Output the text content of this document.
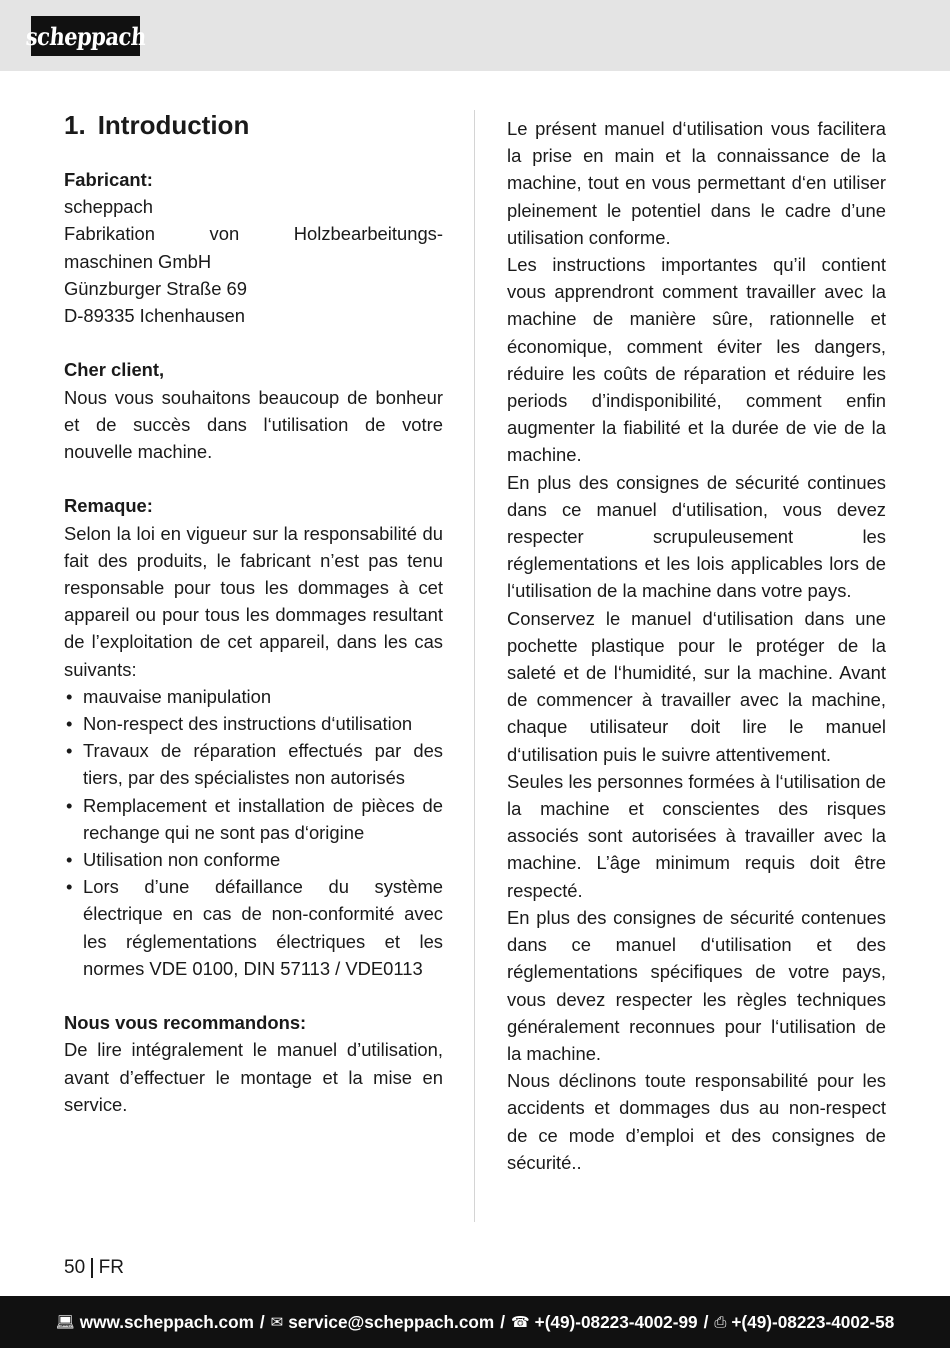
scheppach
1. Introduction
Fabricant:
scheppach
Fabrikation von Holzbearbeitungs-
maschinen GmbH
Günzburger Straße 69
D-89335 Ichenhausen
Cher client,

Nous vous souhaitons beaucoup de bonheur et de succès dans l‘utilisation de votre nouvelle machine.

Remaque:

Selon la loi en vigueur sur la responsabilité du fait des produits, le fabricant n’est pas tenu responsable pour tous les dommages à cet appareil ou pour tous les dommages resultant de l’exploitation de cet appareil, dans les cas suivants:

• mauvaise manipulation
• Non-respect des instructions d‘utilisation
• Travaux de réparation effectués par des tiers, par des spécialistes non autorisés
• Remplacement et installation de pièces de rechange qui ne sont pas d‘origine
• Utilisation non conforme
• Lors d’une défaillance du système électrique en cas de non-conformité avec les réglementations électriques et les normes VDE 0100, DIN 57113 / VDE0113
Nous vous recommandons:

De lire intégralement le manuel d’utilisation, avant d’effectuer le montage et la mise en service.

Le présent manuel d‘utilisation vous facilitera la prise en main et la connaissance de la machine, tout en vous permettant d‘en utiliser pleinement le potentiel dans le cadre d’une utilisation conforme.

Les instructions importantes qu’il contient vous apprendront comment travailler avec la machine de manière sûre, rationnelle et économique, comment éviter les dangers, réduire les coûts de réparation et réduire les periods d’indisponibilité, comment enfin augmenter la fiabilité et la durée de vie de la machine.

En plus des consignes de sécurité continues dans ce manuel d‘utilisation, vous devez respecter scrupuleusement les réglementations et les lois applicables lors de l‘utilisation de la machine dans votre pays.

Conservez le manuel d‘utilisation dans une pochette plastique pour le protéger de la saleté et de l‘humidité, sur la machine. Avant de commencer à travailler avec la machine, chaque utilisateur doit lire le manuel d‘utilisation puis le suivre attentivement.

Seules les personnes formées à l‘utilisation de la machine et conscientes des risques associés sont autorisées à travailler avec la machine. L’âge minimum requis doit être respecté.

En plus des consignes de sécurité contenues dans ce manuel d‘utilisation et des réglementations spécifiques de votre pays, vous devez respecter les règles techniques généralement reconnues pour l‘utilisation de la machine.

Nous déclinons toute responsabilité pour les accidents et dommages dus au non-respect de ce mode d’emploi et des consignes de sécurité..

50 FR
💻︎ www.scheppach.com / ✉︎ service@scheppach.com / ☎︎ +(49)-08223-4002-99 / ⎙ +(49)-08223-4002-58
